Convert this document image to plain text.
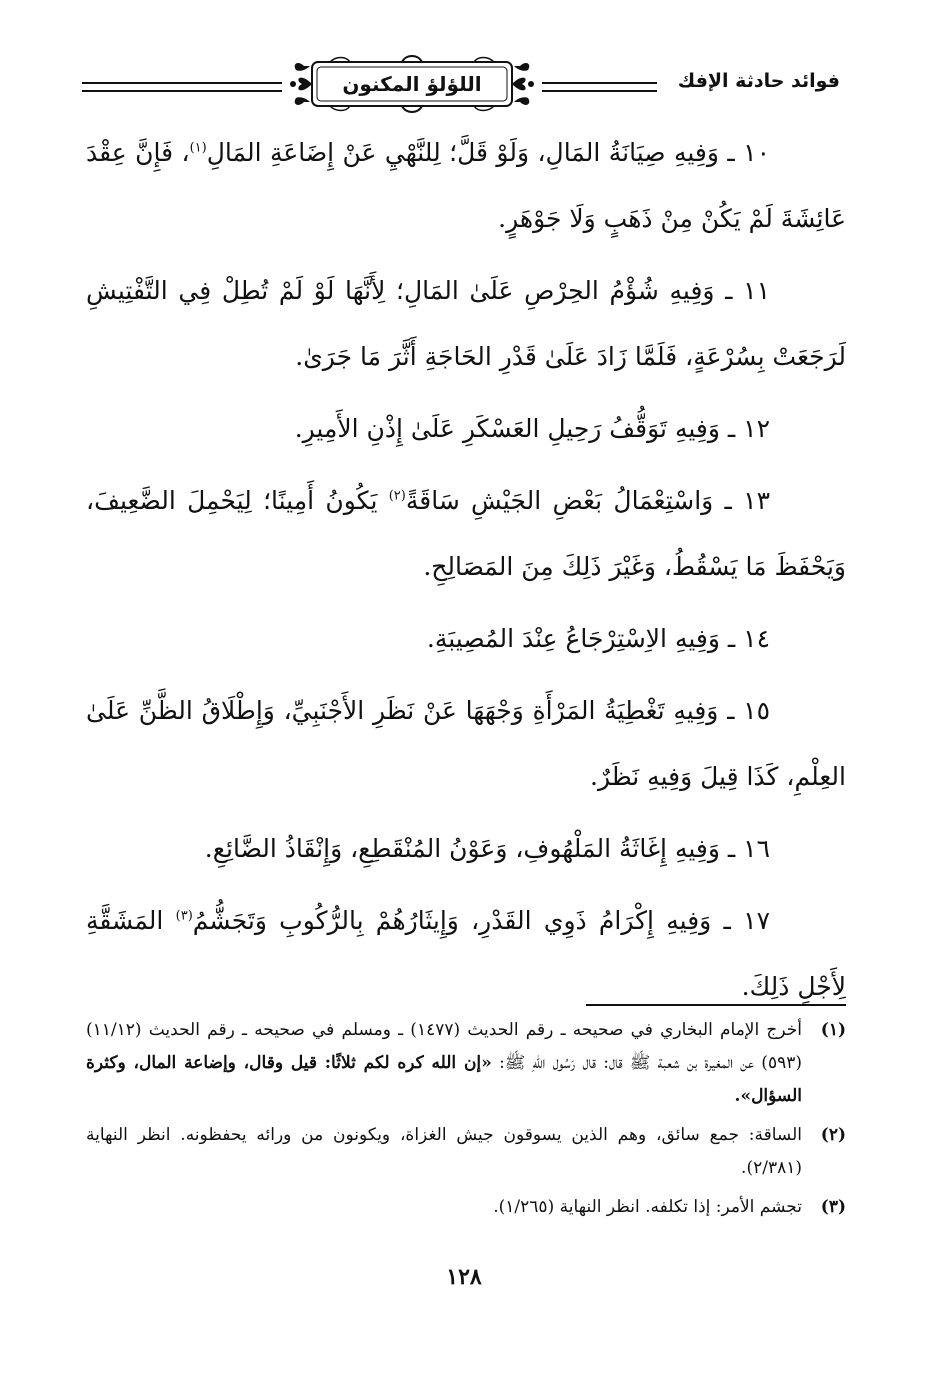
اللؤلؤ المكنون	فوائد حادثة الإفك

١٠ ـ وَفِيهِ صِيَانَةُ المَالِ، وَلَوْ قَلَّ؛ لِلنَّهْيِ عَنْ إِضَاعَةِ المَالِ$^{(١)}$، فَإِنَّ عِقْدَ عَائِشَةَ لَمْ يَكُنْ مِنْ ذَهَبٍ وَلَا جَوْهَرٍ.

١١ ـ وَفِيهِ شُؤْمُ الحِرْصِ عَلَىٰ المَالِ؛ لِأَنَّهَا لَوْ لَمْ تُطِلْ فِي التَّفْتِيشِ لَرَجَعَتْ بِسُرْعَةٍ، فَلَمَّا زَادَ عَلَىٰ قَدْرِ الحَاجَةِ أَثَّرَ مَا جَرَىٰ.

١٢ ـ وَفِيهِ تَوَقُّفُ رَحِيلِ العَسْكَرِ عَلَىٰ إِذْنِ الأَمِيرِ.

١٣ ـ وَاسْتِعْمَالُ بَعْضِ الجَيْشِ سَاقَةً$^{(٢)}$ يَكُونُ أَمِينًا؛ لِيَحْمِلَ الضَّعِيفَ، وَيَحْفَظَ مَا يَسْقُطُ، وَغَيْرَ ذَلِكَ مِنَ المَصَالِحِ.

١٤ ـ وَفِيهِ الاِسْتِرْجَاعُ عِنْدَ المُصِيبَةِ.

١٥ ـ وَفِيهِ تَغْطِيَةُ المَرْأَةِ وَجْهَهَا عَنْ نَظَرِ الأَجْنَبِيِّ، وَإِطْلَاقُ الظَّنِّ عَلَىٰ العِلْمِ، كَذَا قِيلَ وَفِيهِ نَظَرٌ.

١٦ ـ وَفِيهِ إِغَاثَةُ المَلْهُوفِ، وَعَوْنُ المُنْقَطِعِ، وَإِنْقَاذُ الضَّائِعِ.

١٧ ـ وَفِيهِ إِكْرَامُ ذَوِي القَدْرِ، وَإِيثَارُهُمْ بِالرُّكُوبِ وَتَجَشُّمُ$^{(٣)}$ المَشَقَّةِ لِأَجْلِ ذَلِكَ.

(١)
أخرج الإمام البخاري في صحيحه ـ رقم الحديث (١٤٧٧) ـ ومسلم في صحيحه ـ رقم الحديث (١١/١٢) (٥٩٣) عن المغيرة بن شعبة ﷺ قال: قال رَسُول اللهِ ﷺ: «إن الله كره لكم ثلاثًا: قيل وقال، وإضاعة المال، وكثرة السؤال».
(٢)
الساقة: جمع سائق، وهم الذين يسوقون جيش الغزاة، ويكونون من ورائه يحفظونه. انظر النهاية (٢/٣٨١).
(٣)
تجشم الأمر: إذا تكلفه. انظر النهاية (١/٢٦٥).
١٢٨
